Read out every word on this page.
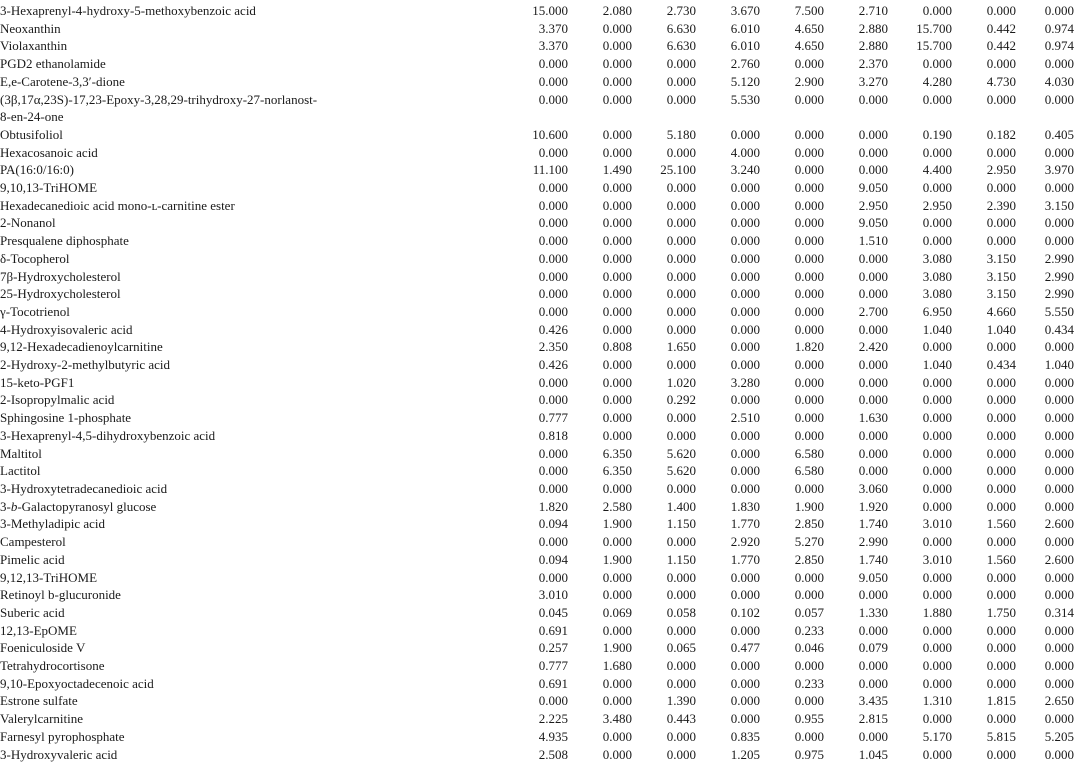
3-Hexaprenyl-4-hydroxy-5-methoxybenzoic acid	15.000	2.080	2.730	3.670	7.500	2.710	0.000	0.000	0.000
Neoxanthin	3.370	0.000	6.630	6.010	4.650	2.880	15.700	0.442	0.974
Violaxanthin	3.370	0.000	6.630	6.010	4.650	2.880	15.700	0.442	0.974
PGD2 ethanolamide	0.000	0.000	0.000	2.760	0.000	2.370	0.000	0.000	0.000
E,e-Carotene-3,3′-dione	0.000	0.000	0.000	5.120	2.900	3.270	4.280	4.730	4.030
(3β,17α,23S)-17,23-Epoxy-3,28,29-trihydroxy-27-norlanost-
8-en-24-one	0.000	0.000	0.000	5.530	0.000	0.000	0.000	0.000	0.000
Obtusifoliol	10.600	0.000	5.180	0.000	0.000	0.000	0.190	0.182	0.405
Hexacosanoic acid	0.000	0.000	0.000	4.000	0.000	0.000	0.000	0.000	0.000
PA(16:0/16:0)	11.100	1.490	25.100	3.240	0.000	0.000	4.400	2.950	3.970
9,10,13-TriHOME	0.000	0.000	0.000	0.000	0.000	9.050	0.000	0.000	0.000
Hexadecanedioic acid mono-ʟ-carnitine ester	0.000	0.000	0.000	0.000	0.000	2.950	2.950	2.390	3.150
2-Nonanol	0.000	0.000	0.000	0.000	0.000	9.050	0.000	0.000	0.000
Presqualene diphosphate	0.000	0.000	0.000	0.000	0.000	1.510	0.000	0.000	0.000
δ-Tocopherol	0.000	0.000	0.000	0.000	0.000	0.000	3.080	3.150	2.990
7β-Hydroxycholesterol	0.000	0.000	0.000	0.000	0.000	0.000	3.080	3.150	2.990
25-Hydroxycholesterol	0.000	0.000	0.000	0.000	0.000	0.000	3.080	3.150	2.990
γ-Tocotrienol	0.000	0.000	0.000	0.000	0.000	2.700	6.950	4.660	5.550
4-Hydroxyisovaleric acid	0.426	0.000	0.000	0.000	0.000	0.000	1.040	1.040	0.434
9,12-Hexadecadienoylcarnitine	2.350	0.808	1.650	0.000	1.820	2.420	0.000	0.000	0.000
2-Hydroxy-2-methylbutyric acid	0.426	0.000	0.000	0.000	0.000	0.000	1.040	0.434	1.040
15-keto-PGF1	0.000	0.000	1.020	3.280	0.000	0.000	0.000	0.000	0.000
2-Isopropylmalic acid	0.000	0.000	0.292	0.000	0.000	0.000	0.000	0.000	0.000
Sphingosine 1-phosphate	0.777	0.000	0.000	2.510	0.000	1.630	0.000	0.000	0.000
3-Hexaprenyl-4,5-dihydroxybenzoic acid	0.818	0.000	0.000	0.000	0.000	0.000	0.000	0.000	0.000
Maltitol	0.000	6.350	5.620	0.000	6.580	0.000	0.000	0.000	0.000
Lactitol	0.000	6.350	5.620	0.000	6.580	0.000	0.000	0.000	0.000
3-Hydroxytetradecanedioic acid	0.000	0.000	0.000	0.000	0.000	3.060	0.000	0.000	0.000
3-b-Galactopyranosyl glucose	1.820	2.580	1.400	1.830	1.900	1.920	0.000	0.000	0.000
3-Methyladipic acid	0.094	1.900	1.150	1.770	2.850	1.740	3.010	1.560	2.600
Campesterol	0.000	0.000	0.000	2.920	5.270	2.990	0.000	0.000	0.000
Pimelic acid	0.094	1.900	1.150	1.770	2.850	1.740	3.010	1.560	2.600
9,12,13-TriHOME	0.000	0.000	0.000	0.000	0.000	9.050	0.000	0.000	0.000
Retinoyl b-glucuronide	3.010	0.000	0.000	0.000	0.000	0.000	0.000	0.000	0.000
Suberic acid	0.045	0.069	0.058	0.102	0.057	1.330	1.880	1.750	0.314
12,13-EpOME	0.691	0.000	0.000	0.000	0.233	0.000	0.000	0.000	0.000
Foeniculoside V	0.257	1.900	0.065	0.477	0.046	0.079	0.000	0.000	0.000
Tetrahydrocortisone	0.777	1.680	0.000	0.000	0.000	0.000	0.000	0.000	0.000
9,10-Epoxyoctadecenoic acid	0.691	0.000	0.000	0.000	0.233	0.000	0.000	0.000	0.000
Estrone sulfate	0.000	0.000	1.390	0.000	0.000	3.435	1.310	1.815	2.650
Valerylcarnitine	2.225	3.480	0.443	0.000	0.955	2.815	0.000	0.000	0.000
Farnesyl pyrophosphate	4.935	0.000	0.000	0.835	0.000	0.000	5.170	5.815	5.205
3-Hydroxyvaleric acid	2.508	0.000	0.000	1.205	0.975	1.045	0.000	0.000	0.000
